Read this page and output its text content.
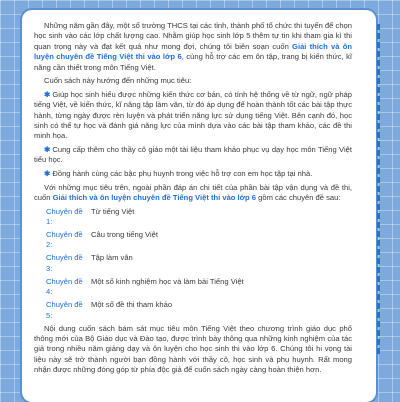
Những năm gần đây, một số trường THCS tại các tỉnh, thành phố tổ chức thi tuyển để chọn học sinh vào các lớp chất lượng cao. Nhằm giúp học sinh lớp 5 thêm tự tin khi tham gia kì thi quan trọng này và đạt kết quả như mong đợi, chúng tôi biên soạn cuốn Giải thích và ôn luyện chuyên đề Tiếng Việt thi vào lớp 6, cùng hỗ trợ các em ôn tập, trang bị kiến thức, kĩ năng cần thiết trong môn Tiếng Việt.

Cuốn sách này hướng đến những mục tiêu:

✱ Giúp học sinh hiểu được những kiến thức cơ bản, có tính hệ thống về từ ngữ, ngữ pháp tiếng Việt, về kiến thức, kĩ năng tập làm văn, từ đó áp dụng để hoàn thành tốt các bài tập thực hành, từng ngày được rèn luyện và phát triển năng lực sử dụng tiếng Việt. Bên cạnh đó, học sinh có thể tự học và đánh giá năng lực của mình dựa vào các bài tập tham khảo, các đề thi minh họa.

✱ Cung cấp thêm cho thầy cô giáo một tài liệu tham khảo phục vụ dạy học môn Tiếng Việt tiểu học.

✱ Đồng hành cùng các bậc phụ huynh trong việc hỗ trợ con em học tập tại nhà.

Với những mục tiêu trên, ngoài phần đáp án chi tiết của phần bài tập vận dụng và đề thi, cuốn Giải thích và ôn luyện chuyên đề Tiếng Việt thi vào lớp 6 gồm các chuyên đề sau:

Chuyên đề 1:
Từ tiếng Việt
Chuyên đề 2:
Câu trong tiếng Việt
Chuyên đề 3:
Tập làm văn
Chuyên đề 4:
Một số kinh nghiệm học và làm bài Tiếng Việt
Chuyên đề 5:
Một số đề thi tham khảo

Nội dung cuốn sách bám sát mục tiêu môn Tiếng Việt theo chương trình giáo dục phổ thông mới của Bộ Giáo dục và Đào tạo, được trình bày thông qua những kinh nghiệm của tác giả trong nhiều năm giảng dạy và ôn luyện cho học sinh thi vào lớp 6. Chúng tôi hi vọng tài liệu này sẽ trở thành người bạn đồng hành với thầy cô, học sinh và phụ huynh. Rất mong nhận được những đóng góp từ phía độc giả để cuốn sách ngày càng hoàn thiện hơn.
